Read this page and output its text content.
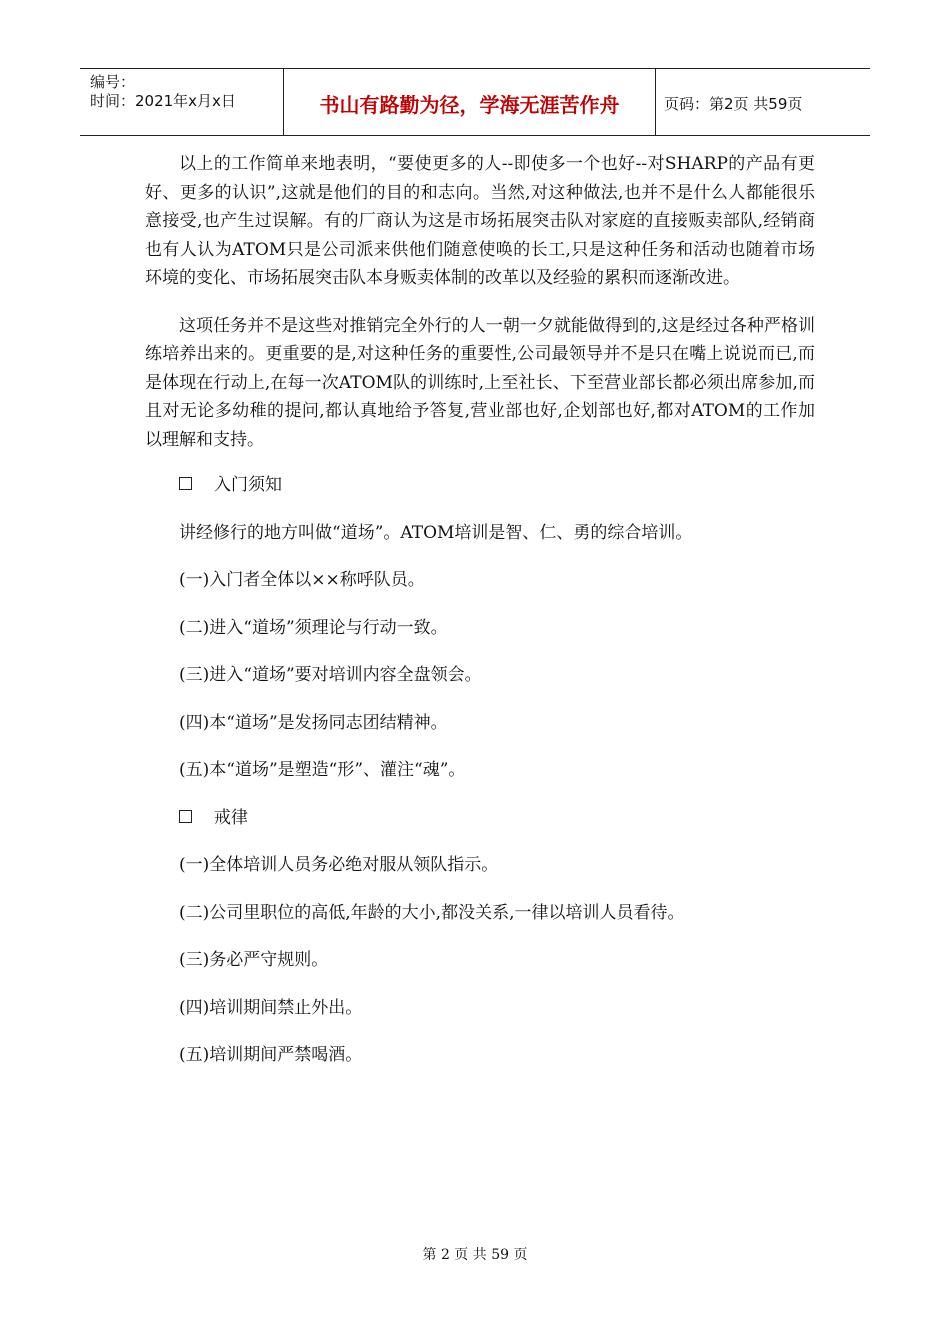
编号：
时间：2021年x月x日	书山有路勤为径，学海无涯苦作舟	页码：第2页 共59页

以上的工作简单来地表明，“要使更多的人--即使多一个也好--对SHARP的产品有更好、更多的认识”,这就是他们的目的和志向。当然,对这种做法,也并不是什么人都能很乐意接受,也产生过误解。有的厂商认为这是市场拓展突击队对家庭的直接贩卖部队,经销商也有人认为ATOM只是公司派来供他们随意使唤的长工,只是这种任务和活动也随着市场环境的变化、市场拓展突击队本身贩卖体制的改革以及经验的累积而逐渐改进。

这项任务并不是这些对推销完全外行的人一朝一夕就能做得到的,这是经过各种严格训练培养出来的。更重要的是,对这种任务的重要性,公司最领导并不是只在嘴上说说而已,而是体现在行动上,在每一次ATOM队的训练时,上至社长、下至营业部长都必须出席参加,而且对无论多幼稚的提问,都认真地给予答复,营业部也好,企划部也好,都对ATOM的工作加以理解和支持。

入门须知
讲经修行的地方叫做“道场”。ATOM培训是智、仁、勇的综合培训。
(一)入门者全体以××称呼队员。
(二)进入“道场”须理论与行动一致。
(三)进入“道场”要对培训内容全盘领会。
(四)本“道场”是发扬同志团结精神。
(五)本“道场”是塑造“形”、灌注“魂”。
戒律
(一)全体培训人员务必绝对服从领队指示。
(二)公司里职位的高低,年龄的大小,都没关系,一律以培训人员看待。
(三)务必严守规则。
(四)培训期间禁止外出。
(五)培训期间严禁喝酒。
第 2 页 共 59 页
